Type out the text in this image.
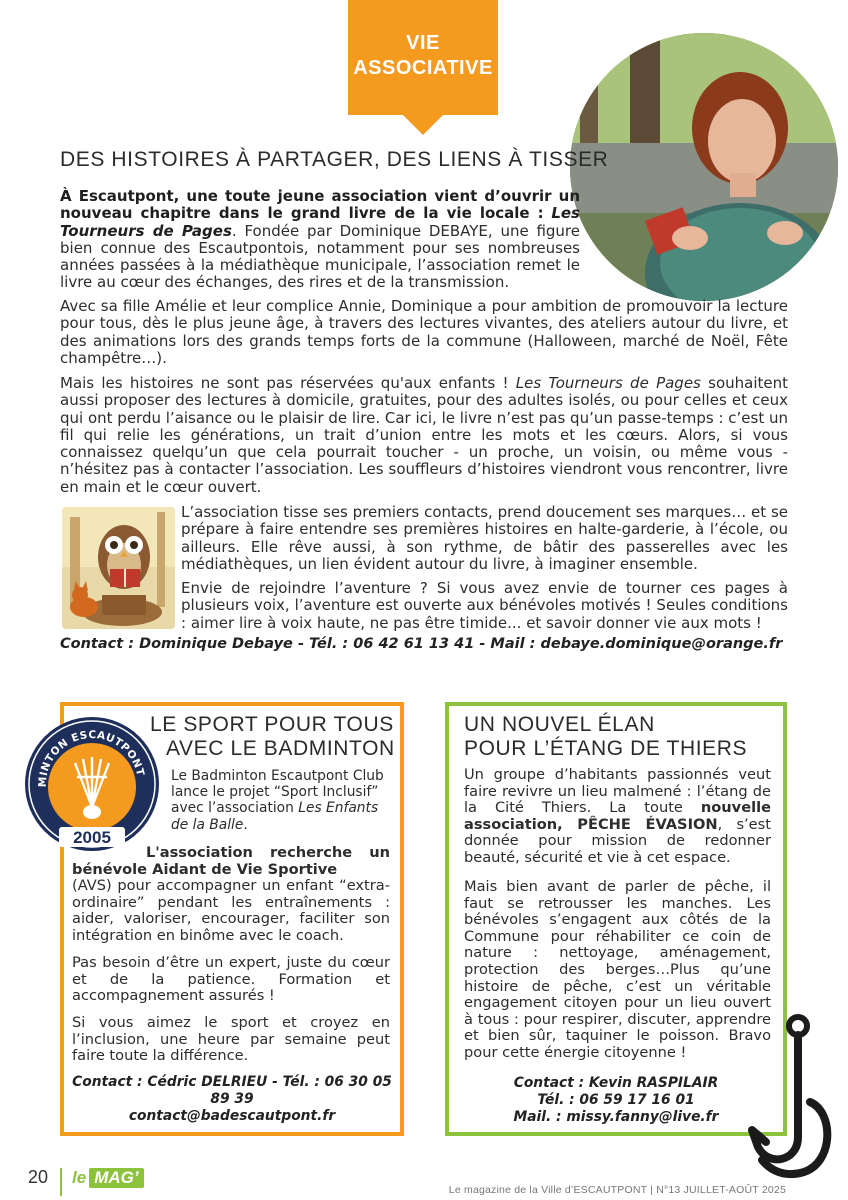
VIE
ASSOCIATIVE
DES HISTOIRES À PARTAGER, DES LIENS À TISSER
À Escautpont, une toute jeune association vient d’ouvrir un nouveau chapitre dans le grand livre de la vie locale : Les Tourneurs de Pages. Fondée par Dominique DEBAYE, une figure bien connue des Escautpontois, notamment pour ses nombreuses années passées à la médiathèque municipale, l’association remet le livre au cœur des échanges, des rires et de la transmission.
Avec sa fille Amélie et leur complice Annie, Dominique a pour ambition de promouvoir la lecture pour tous, dès le plus jeune âge, à travers des lectures vivantes, des ateliers autour du livre, et des animations lors des grands temps forts de la commune (Halloween, marché de Noël, Fête champêtre…).
Mais les histoires ne sont pas réservées qu'aux enfants ! Les Tourneurs de Pages souhaitent aussi proposer des lectures à domicile, gratuites, pour des adultes isolés, ou pour celles et ceux qui ont perdu l’aisance ou le plaisir de lire. Car ici, le livre n’est pas qu’un passe-temps : c’est un fil qui relie les générations, un trait d’union entre les mots et les cœurs. Alors, si vous connaissez quelqu’un que cela pourrait toucher - un proche, un voisin, ou même vous - n’hésitez pas à contacter l’association. Les souffleurs d’histoires viendront vous rencontrer, livre en main et le cœur ouvert.
L’association tisse ses premiers contacts, prend doucement ses marques… et se prépare à faire entendre ses premières histoires en halte-garderie, à l’école, ou ailleurs. Elle rêve aussi, à son rythme, de bâtir des passerelles avec les médiathèques, un lien évident autour du livre, à imaginer ensemble.
Envie de rejoindre l’aventure ? Si vous avez envie de tourner ces pages à plusieurs voix, l’aventure est ouverte aux bénévoles motivés ! Seules conditions : aimer lire à voix haute, ne pas être timide... et savoir donner vie aux mots !
Contact : Dominique Debaye - Tél. : 06 42 61 13 41 - Mail : debaye.dominique@orange.fr
MINTON ESCAUTPONT
2005
LE SPORT POUR TOUS
AVEC LE BADMINTON
Le Badminton Escautpont Club lance le projet “Sport Inclusif” avec l’association Les Enfants de la Balle.
L'association recherche un bénévole Aidant de Vie Sportive (AVS) pour accompagner un enfant “extra-ordinaire” pendant les entraînements : aider, valoriser, encourager, faciliter son intégration en binôme avec le coach.
Pas besoin d’être un expert, juste du cœur et de la patience. Formation et accompagnement assurés !
Si vous aimez le sport et croyez en l’inclusion, une heure par semaine peut faire toute la différence.
Contact : Cédric DELRIEU - Tél. : 06 30 05 89 39
contact@badescautpont.fr
UN NOUVEL ÉLAN
POUR L’ÉTANG DE THIERS
Un groupe d’habitants passionnés veut faire revivre un lieu malmené : l’étang de la Cité Thiers. La toute nouvelle association, PÊCHE ÉVASION, s’est donnée pour mission de redonner beauté, sécurité et vie à cet espace.
Mais bien avant de parler de pêche, il faut se retrousser les manches. Les bénévoles s’engagent aux côtés de la Commune pour réhabiliter ce coin de nature : nettoyage, aménagement, protection des berges…Plus qu’une histoire de pêche, c’est un véritable engagement citoyen pour un lieu ouvert à tous : pour respirer, discuter, apprendre et bien sûr, taquiner le poisson. Bravo pour cette énergie citoyenne !
Contact : Kevin RASPILAIR
Tél. : 06 59 17 16 01
Mail. : missy.fanny@live.fr
20 le MAG’
Le magazine de la Ville d’ESCAUTPONT | N°13 JUILLET-AOÛT 2025
